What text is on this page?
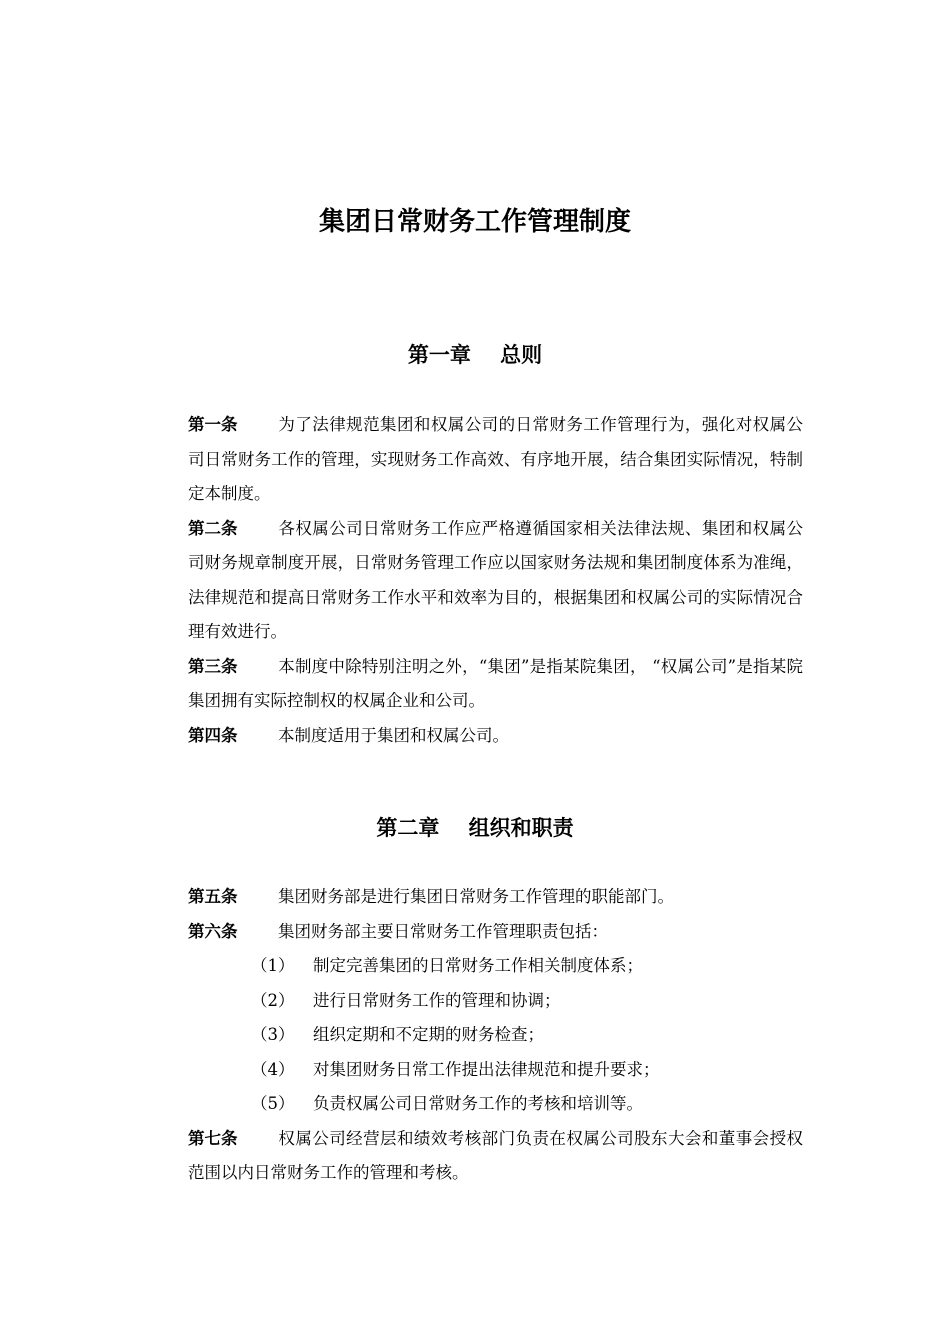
集团日常财务工作管理制度
第一章    总则

第一条 为了法律规范集团和权属公司的日常财务工作管理行为，强化对权属公司日常财务工作的管理，实现财务工作高效、有序地开展，结合集团实际情况，特制定本制度。

第二条 各权属公司日常财务工作应严格遵循国家相关法律法规、集团和权属公司财务规章制度开展，日常财务管理工作应以国家财务法规和集团制度体系为准绳，法律规范和提高日常财务工作水平和效率为目的，根据集团和权属公司的实际情况合理有效进行。

第三条 本制度中除特别注明之外，“集团”是指某院集团， “权属公司”是指某院集团拥有实际控制权的权属企业和公司。

第四条 本制度适用于集团和权属公司。

第二章    组织和职责

第五条 集团财务部是进行集团日常财务工作管理的职能部门。

第六条 集团财务部主要日常财务工作管理职责包括：

（1） 制定完善集团的日常财务工作相关制度体系；
（2） 进行日常财务工作的管理和协调；
（3） 组织定期和不定期的财务检查；
（4） 对集团财务日常工作提出法律规范和提升要求；
（5） 负责权属公司日常财务工作的考核和培训等。

第七条 权属公司经营层和绩效考核部门负责在权属公司股东大会和董事会授权范围以内日常财务工作的管理和考核。
